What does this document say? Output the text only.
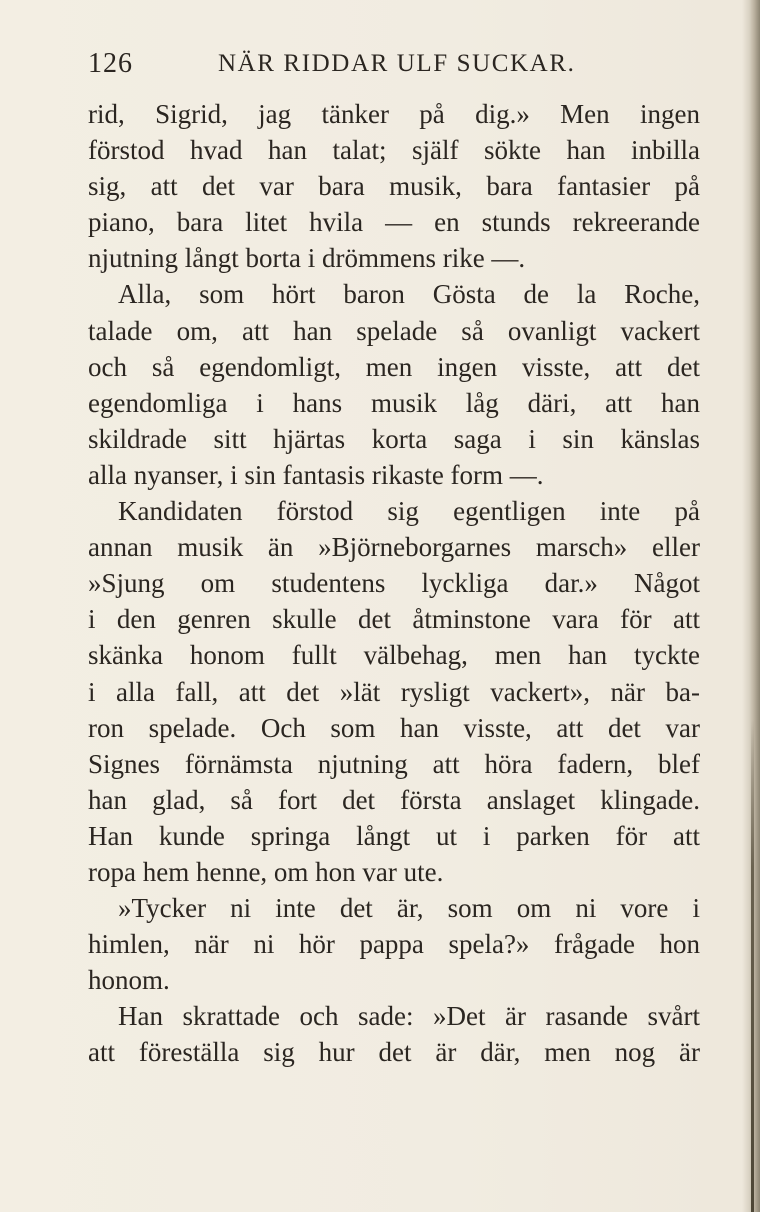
126	NÄR RIDDAR ULF SUCKAR.
rid, Sigrid, jag tänker på dig.» Men ingen
förstod hvad han talat; själf sökte han inbilla
sig, att det var bara musik, bara fantasier på
piano, bara litet hvila — en stunds rekreerande
njutning långt borta i drömmens rike —.
Alla, som hört baron Gösta de la Roche,
talade om, att han spelade så ovanligt vackert
och så egendomligt, men ingen visste, att det
egendomliga i hans musik låg däri, att han
skildrade sitt hjärtas korta saga i sin känslas
alla nyanser, i sin fantasis rikaste form —.
Kandidaten förstod sig egentligen inte på
annan musik än »Björneborgarnes marsch» eller
»Sjung om studentens lyckliga dar.» Något
i den genren skulle det åtminstone vara för att
skänka honom fullt välbehag, men han tyckte
i alla fall, att det »lät rysligt vackert», när ba-
ron spelade. Och som han visste, att det var
Signes förnämsta njutning att höra fadern, blef
han glad, så fort det första anslaget klingade.
Han kunde springa långt ut i parken för att
ropa hem henne, om hon var ute.
»Tycker ni inte det är, som om ni vore i
himlen, när ni hör pappa spela?» frågade hon
honom.
Han skrattade och sade: »Det är rasande svårt
att föreställa sig hur det är där, men nog är
